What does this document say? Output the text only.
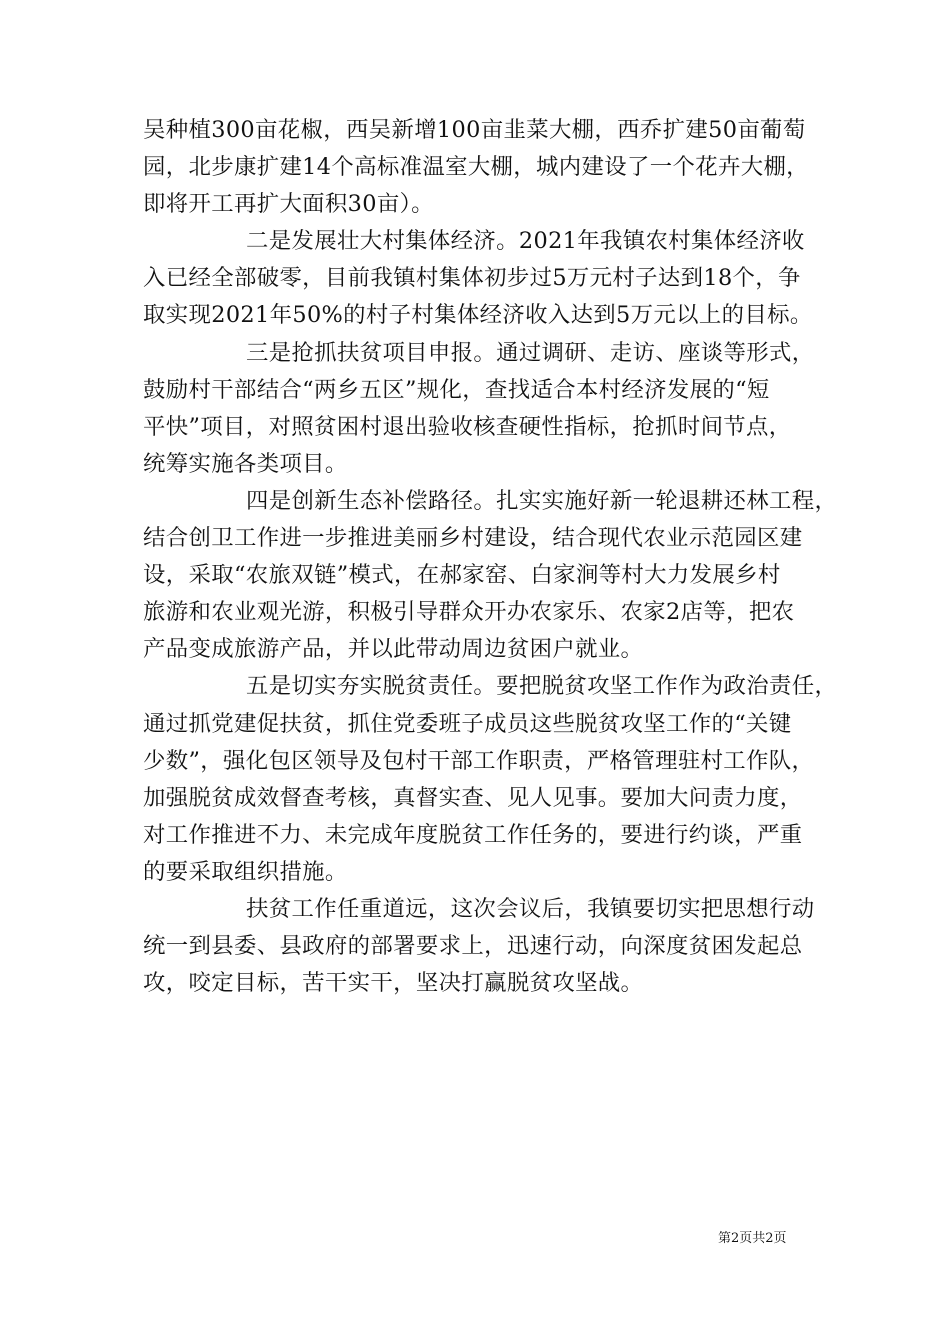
吴种植300亩花椒，西吴新增100亩韭菜大棚，西乔扩建50亩葡萄
园，北步康扩建14个高标准温室大棚，城内建设了一个花卉大棚，
即将开工再扩大面积30亩）。

二是发展壮大村集体经济。2021年我镇农村集体经济收
入已经全部破零，目前我镇村集体初步过5万元村子达到18个，争
取实现2021年50%的村子村集体经济收入达到5万元以上的目标。

三是抢抓扶贫项目申报。通过调研、走访、座谈等形式，
鼓励村干部结合“两乡五区”规化，查找适合本村经济发展的“短
平快”项目，对照贫困村退出验收核查硬性指标，抢抓时间节点，
统筹实施各类项目。

四是创新生态补偿路径。扎实实施好新一轮退耕还林工程，
结合创卫工作进一步推进美丽乡村建设，结合现代农业示范园区建
设，采取“农旅双链”模式，在郝家窑、白家涧等村大力发展乡村
旅游和农业观光游，积极引导群众开办农家乐、农家2店等，把农
产品变成旅游产品，并以此带动周边贫困户就业。

五是切实夯实脱贫责任。要把脱贫攻坚工作作为政治责任，
通过抓党建促扶贫，抓住党委班子成员这些脱贫攻坚工作的“关键
少数”，强化包区领导及包村干部工作职责，严格管理驻村工作队，
加强脱贫成效督查考核，真督实查、见人见事。要加大问责力度，
对工作推进不力、未完成年度脱贫工作任务的，要进行约谈，严重
的要采取组织措施。

扶贫工作任重道远，这次会议后，我镇要切实把思想行动
统一到县委、县政府的部署要求上，迅速行动，向深度贫困发起总
攻，咬定目标，苦干实干，坚决打赢脱贫攻坚战。

第2页共2页
